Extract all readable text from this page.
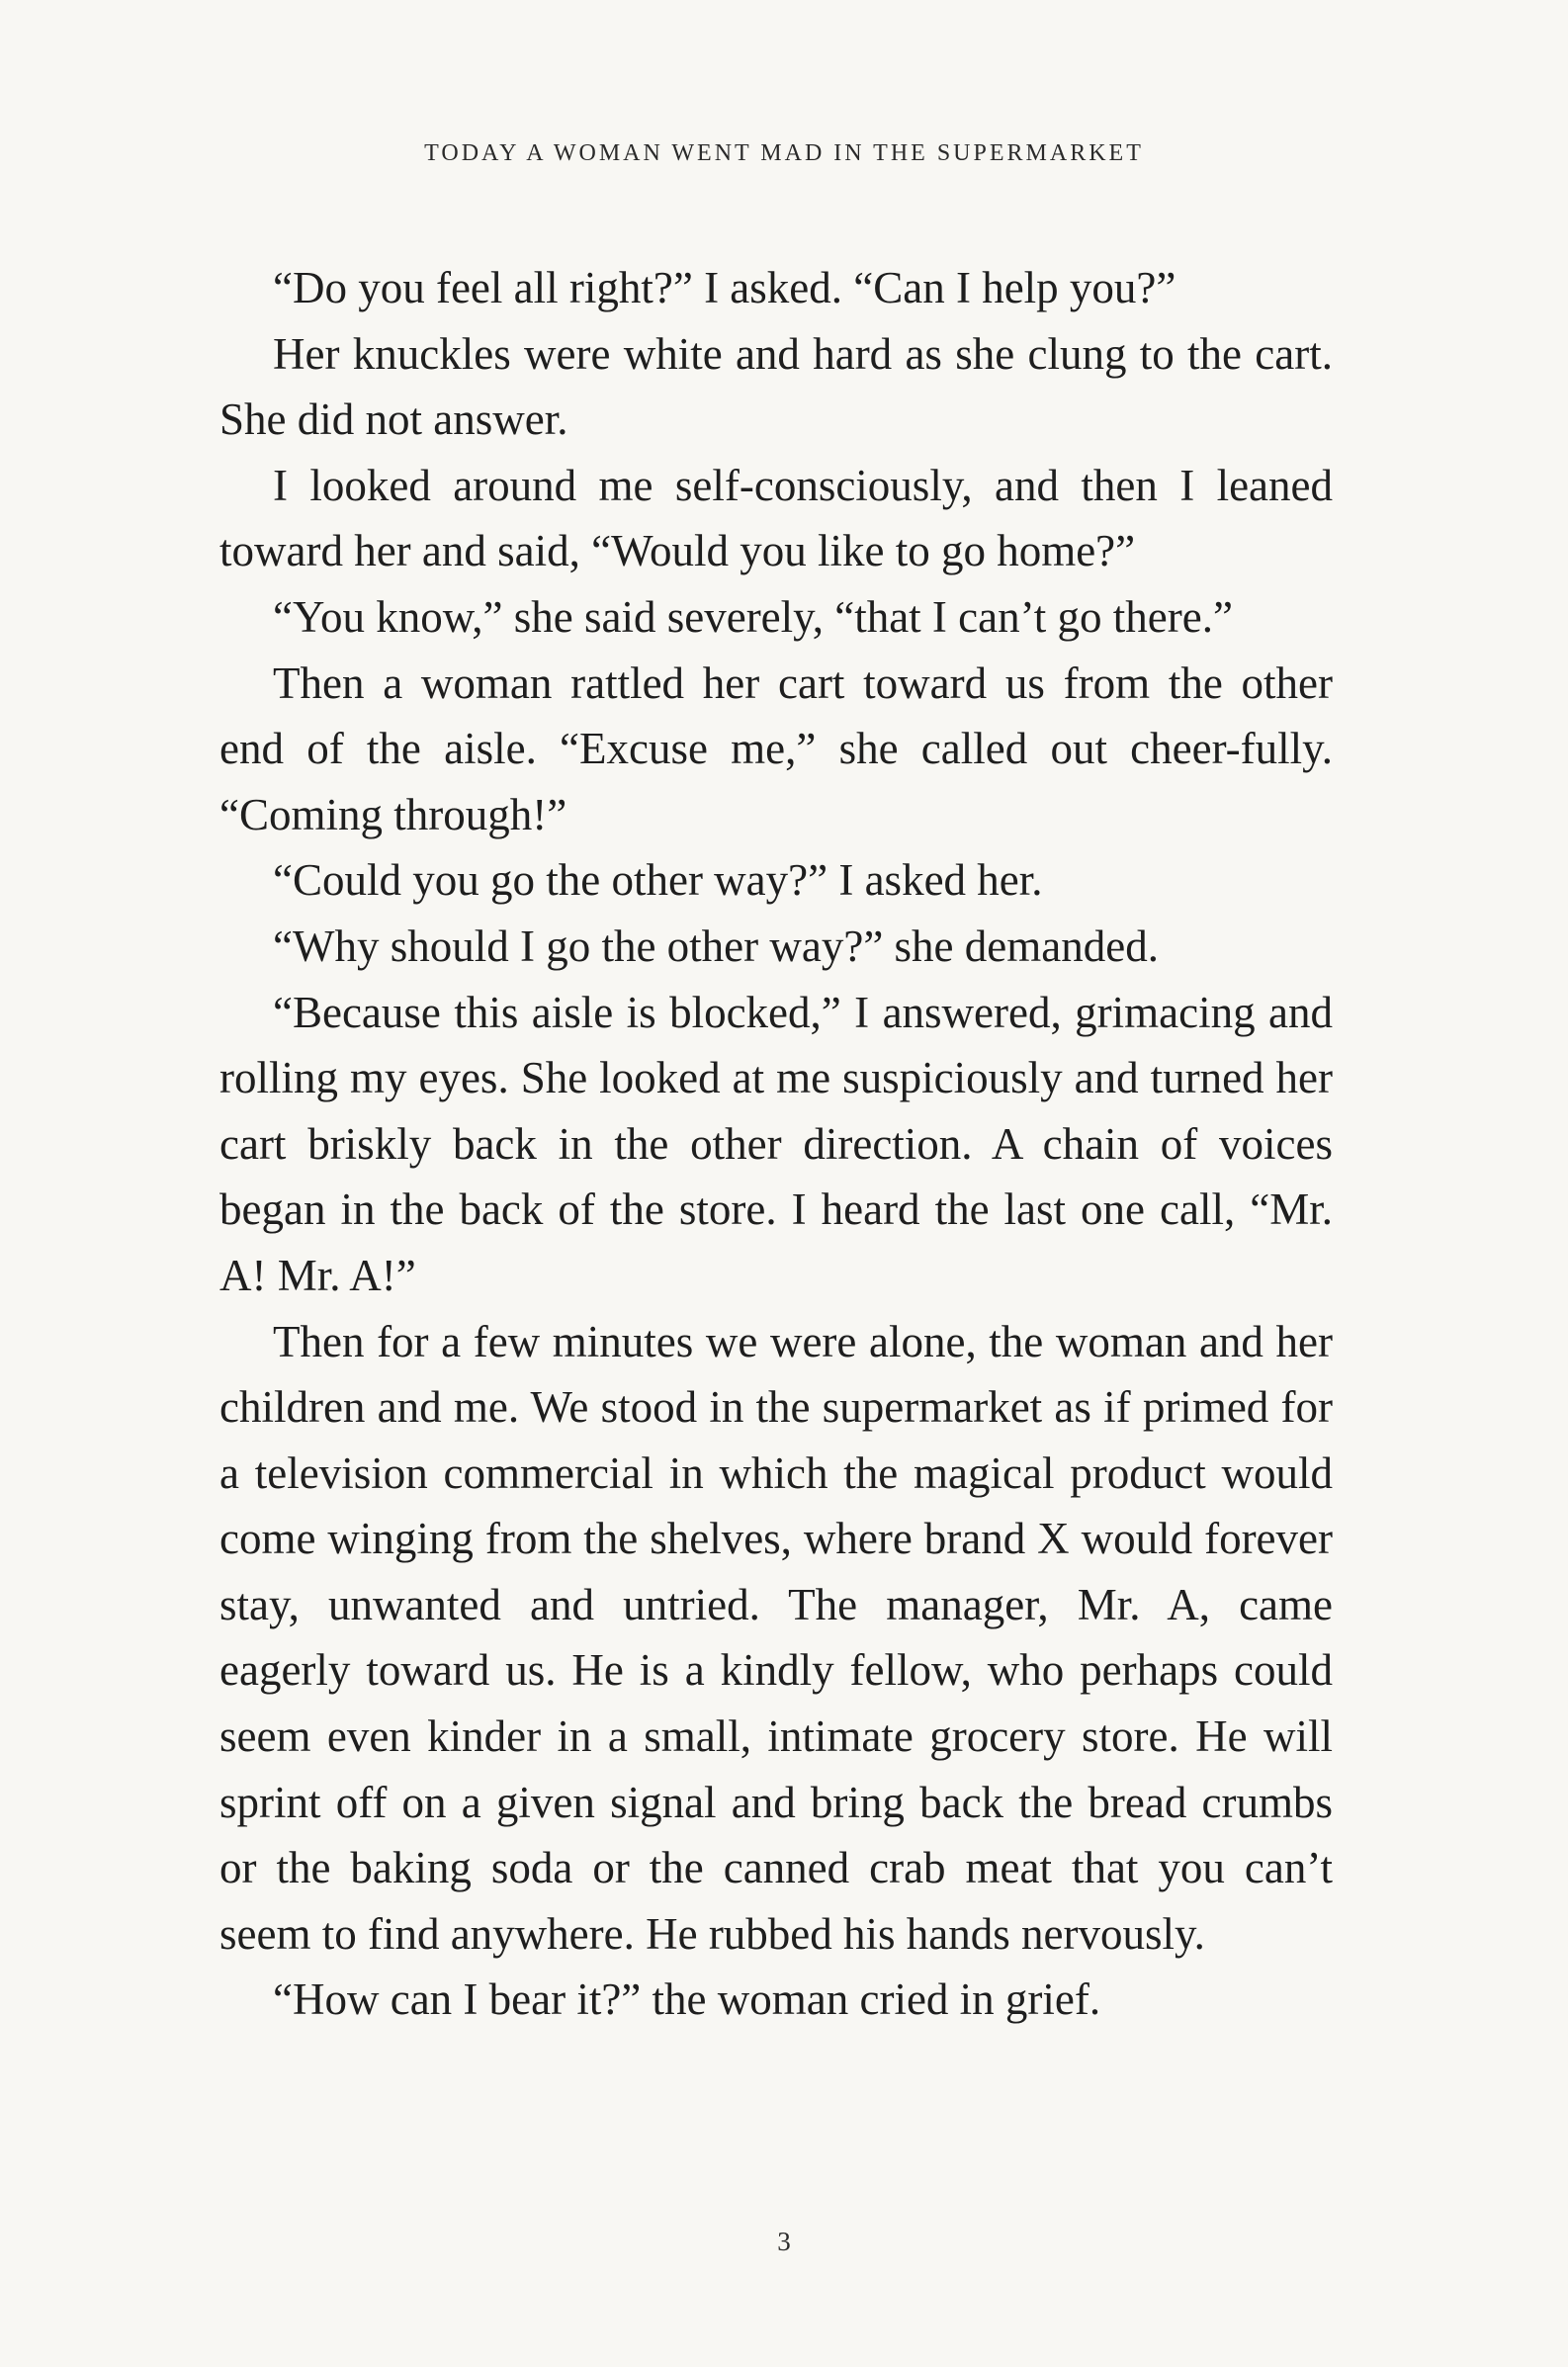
TODAY A WOMAN WENT MAD IN THE SUPERMARKET

“Do you feel all right?” I asked. “Can I help you?”

Her knuckles were white and hard as she clung to the cart. She did not answer.

I looked around me self-consciously, and then I leaned toward her and said, “Would you like to go home?”

“You know,” she said severely, “that I can’t go there.”

Then a woman rattled her cart toward us from the other end of the aisle. “Excuse me,” she called out cheer-fully. “Coming through!”

“Could you go the other way?” I asked her.

“Why should I go the other way?” she demanded.

“Because this aisle is blocked,” I answered, grimacing and rolling my eyes. She looked at me suspiciously and turned her cart briskly back in the other direction. A chain of voices began in the back of the store. I heard the last one call, “Mr. A! Mr. A!”

Then for a few minutes we were alone, the woman and her children and me. We stood in the supermarket as if primed for a television commercial in which the magical product would come winging from the shelves, where brand X would forever stay, unwanted and untried. The manager, Mr. A, came eagerly toward us. He is a kindly fellow, who perhaps could seem even kinder in a small, intimate grocery store. He will sprint off on a given signal and bring back the bread crumbs or the baking soda or the canned crab meat that you can’t seem to find anywhere. He rubbed his hands nervously.

“How can I bear it?” the woman cried in grief.

3
